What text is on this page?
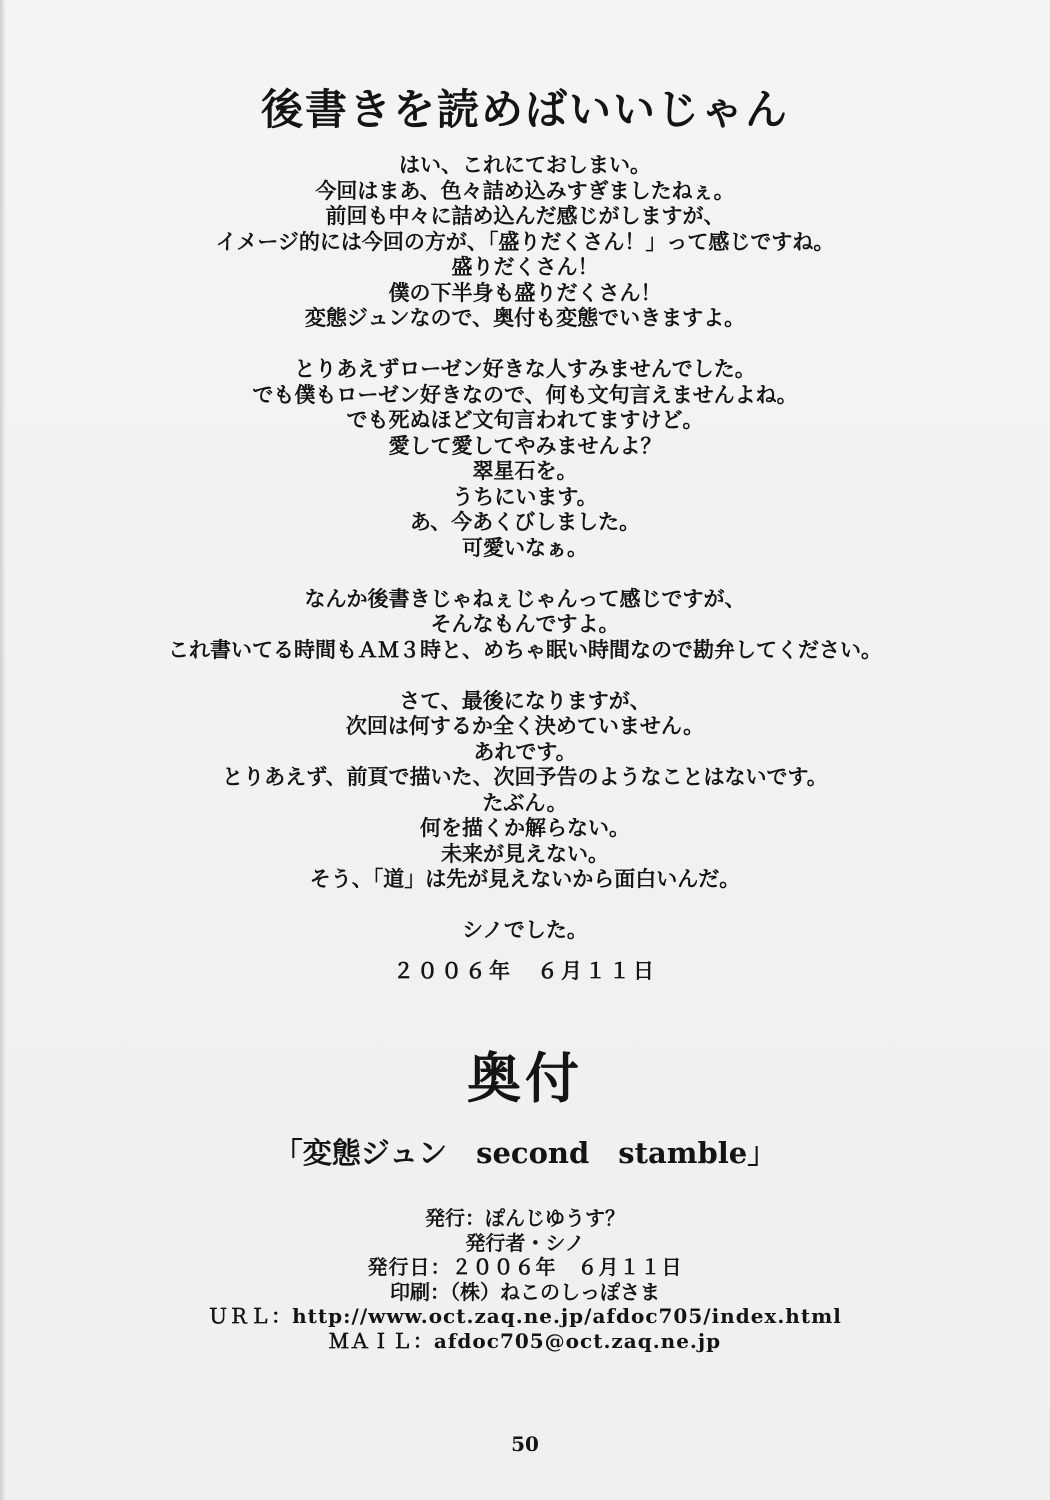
後書きを読めばいいじゃん
はい、これにておしまい。
今回はまあ、色々詰め込みすぎましたねぇ。
前回も中々に詰め込んだ感じがしますが、
イメージ的には今回の方が、「盛りだくさん！」って感じですね。
盛りだくさん！
僕の下半身も盛りだくさん！
変態ジュンなので、奥付も変態でいきますよ。
とりあえずローゼン好きな人すみませんでした。
でも僕もローゼン好きなので、何も文句言えませんよね。
でも死ぬほど文句言われてますけど。
愛して愛してやみませんよ？
翠星石を。
うちにいます。
あ、今あくびしました。
可愛いなぁ。
なんか後書きじゃねぇじゃんって感じですが、
そんなもんですよ。
これ書いてる時間もＡＭ３時と、めちゃ眠い時間なので勘弁してください。
さて、最後になりますが、
次回は何するか全く決めていません。
あれです。
とりあえず、前頁で描いた、次回予告のようなことはないです。
たぶん。
何を描くか解らない。
未来が見えない。
そう、「道」は先が見えないから面白いんだ。
シノでした。
２００６年　６月１１日
奥付
「変態ジュン　second　stamble」
発行：ぽんじゆうす？
発行者・シノ
発行日：２００６年　６月１１日
印刷：（株）ねこのしっぽさま
ＵＲＬ：http://www.oct.zaq.ne.jp/afdoc705/index.html
ＭＡＩＬ：afdoc705@oct.zaq.ne.jp
50
